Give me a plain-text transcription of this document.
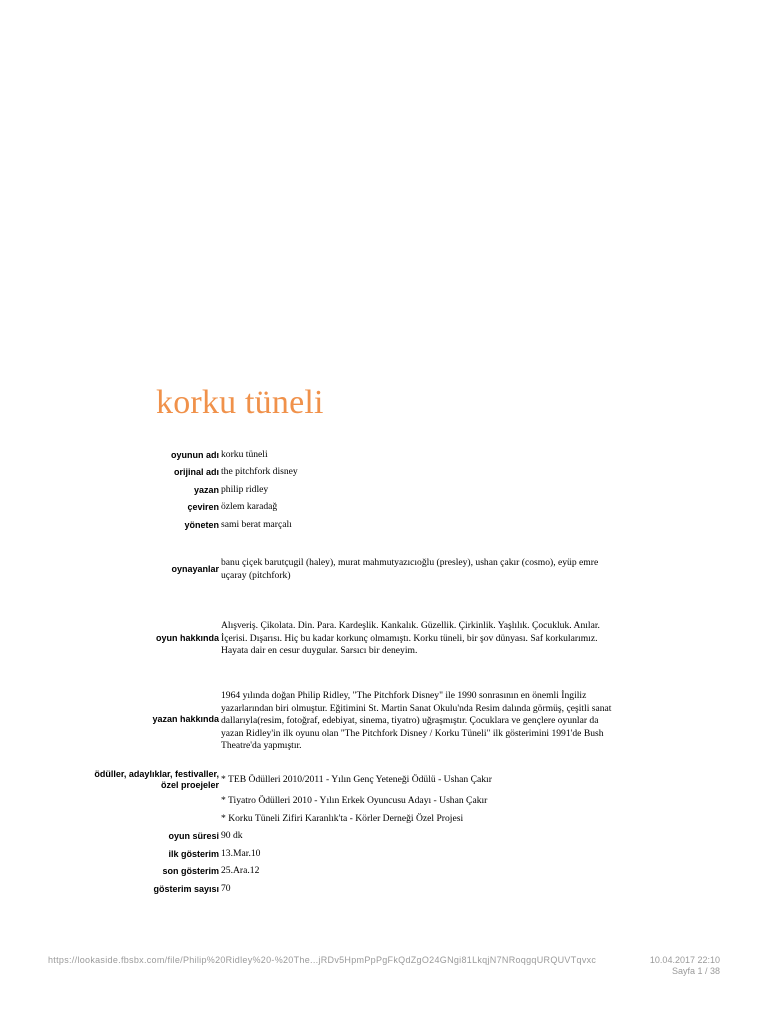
korku tüneli
oyunun adı korku tüneli
orijinal adı the pitchfork disney
yazan philip ridley
çeviren özlem karadağ
yöneten sami berat marçalı
oynayanlar
banu çiçek barutçugil (haley), murat mahmutyazıcıoğlu (presley), ushan çakır (cosmo), eyüp emre uçaray (pitchfork)
oyun hakkında
Alışveriş. Çikolata. Din. Para. Kardeşlik. Kankalık. Güzellik. Çirkinlik. Yaşlılık. Çocukluk. Anılar. İçerisi. Dışarısı. Hiç bu kadar korkunç olmamıştı. Korku tüneli, bir şov dünyası. Saf korkularımız. Hayata dair en cesur duygular. Sarsıcı bir deneyim.
yazan hakkında
1964 yılında doğan Philip Ridley, "The Pitchfork Disney" ile 1990 sonrasının en önemli İngiliz yazarlarından biri olmuştur. Eğitimini St. Martin Sanat Okulu'nda Resim dalında görmüş, çeşitli sanat dallarıyla(resim, fotoğraf, edebiyat, sinema, tiyatro) uğraşmıştır. Çocuklara ve gençlere oyunlar da yazan Ridley'in ilk oyunu olan "The Pitchfork Disney / Korku Tüneli" ilk gösterimini 1991'de Bush Theatre'da yapmıştır.
ödüller, adaylıklar, festivaller,
özel proejeler * TEB Ödülleri 2010/2011 - Yılın Genç Yeteneği Ödülü - Ushan Çakır
* Tiyatro Ödülleri 2010 - Yılın Erkek Oyuncusu Adayı - Ushan Çakır
* Korku Tüneli Zifiri Karanlık'ta - Körler Derneği Özel Projesi
oyun süresi 90 dk
ilk gösterim 13.Mar.10
son gösterim 25.Ara.12
gösterim sayısı 70
https://lookaside.fbsbx.com/file/Philip%20Ridley%20-%20The...jRDv5HpmPpPgFkQdZgO24GNgi81LkqjN7NRoqgqURQUVTqvxc	10.04.2017 22:10
Sayfa 1 / 38
